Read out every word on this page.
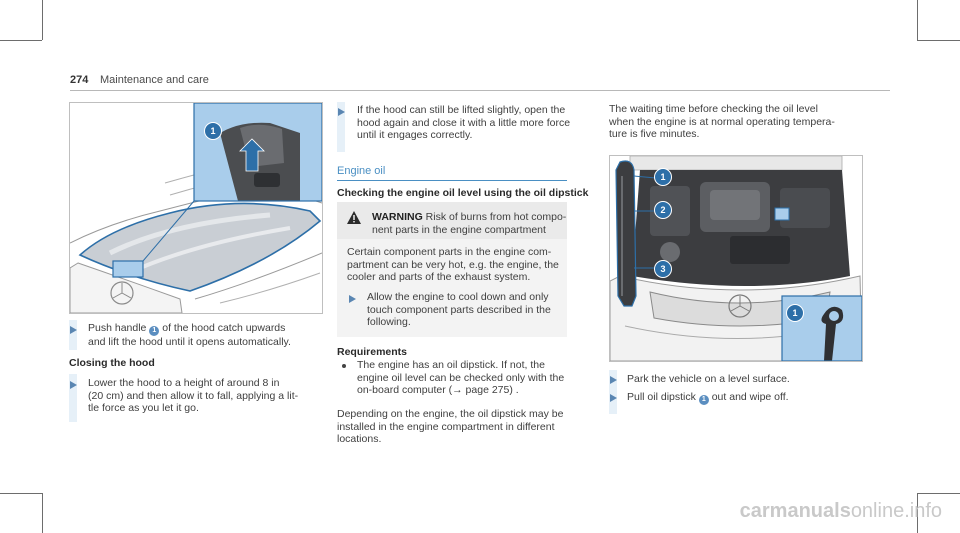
274 Maintenance and care
1
Push handle 1 of the hood catch upwards
and lift the hood until it opens automatically.
Closing the hood
Lower the hood to a height of around 8 in
(20 cm) and then allow it to fall, applying a lit-
tle force as you let it go.
If the hood can still be lifted slightly, open the
hood again and close it with a little more force
until it engages correctly.
Engine oil
Checking the engine oil level using the oil dipstick
WARNING Risk of burns from hot compo-
nent parts in the engine compartment
Certain component parts in the engine com-
partment can be very hot, e.g. the engine, the
cooler and parts of the exhaust system.
Allow the engine to cool down and only
touch component parts described in the
following.
Requirements
The engine has an oil dipstick. If not, the
engine oil level can be checked only with the
on-board computer (→ page 275) .
Depending on the engine, the oil dipstick may be
installed in the engine compartment in different
locations.
The waiting time before checking the oil level
when the engine is at normal operating tempera-
ture is five minutes.
1
2
3
1
Park the vehicle on a level surface.
Pull oil dipstick 1 out and wipe off.
carmanualsonline.info
